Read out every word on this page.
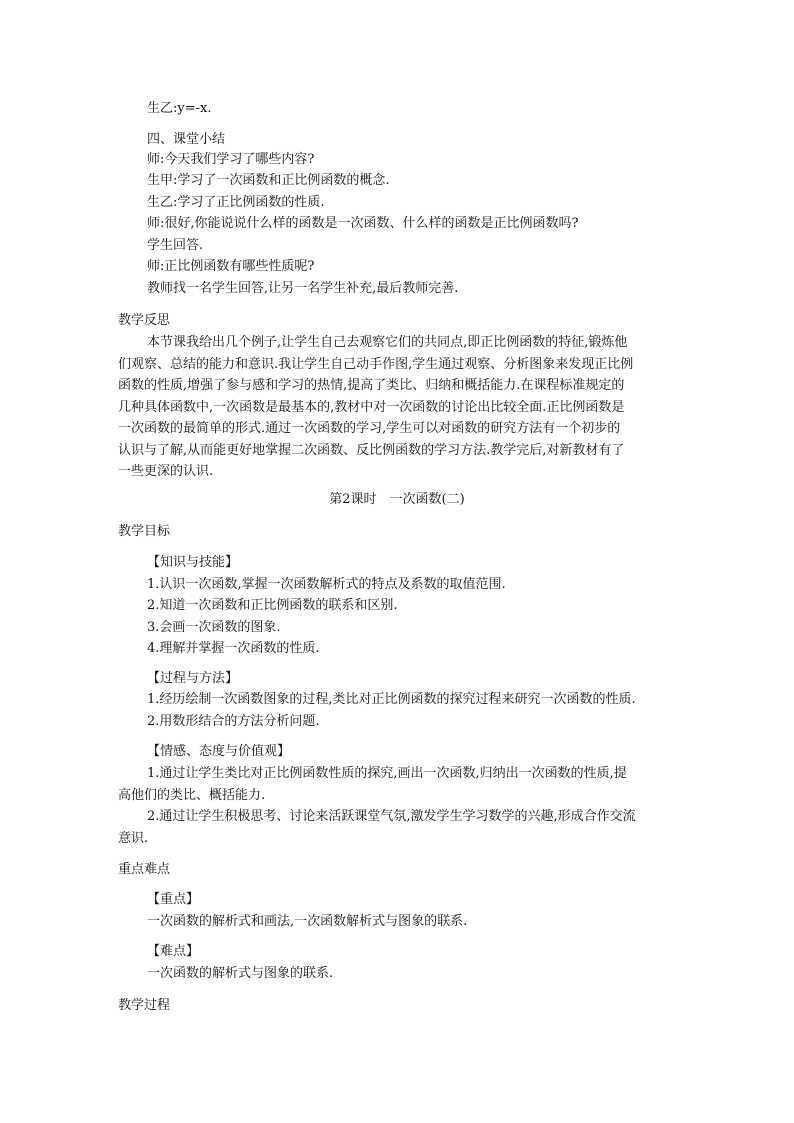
生乙:y=-x.
四、课堂小结
师:今天我们学习了哪些内容?
生甲:学习了一次函数和正比例函数的概念.
生乙:学习了正比例函数的性质.
师:很好,你能说说什么样的函数是一次函数、什么样的函数是正比例函数吗?
学生回答.
师:正比例函数有哪些性质呢?
教师找一名学生回答,让另一名学生补充,最后教师完善.
教学反思
本节课我给出几个例子,让学生自己去观察它们的共同点,即正比例函数的特征,锻炼他
们观察、总结的能力和意识.我让学生自己动手作图,学生通过观察、分析图象来发现正比例
函数的性质,增强了参与感和学习的热情,提高了类比、归纳和概括能力.在课程标准规定的
几种具体函数中,一次函数是最基本的,教材中对一次函数的讨论出比较全面.正比例函数是
一次函数的最简单的形式.通过一次函数的学习,学生可以对函数的研究方法有一个初步的
认识与了解,从而能更好地掌握二次函数、反比例函数的学习方法.教学完后,对新教材有了
一些更深的认识.
第2课时　一次函数(二)
教学目标
【知识与技能】
1.认识一次函数,掌握一次函数解析式的特点及系数的取值范围.
2.知道一次函数和正比例函数的联系和区别.
3.会画一次函数的图象.
4.理解并掌握一次函数的性质.
【过程与方法】
1.经历绘制一次函数图象的过程,类比对正比例函数的探究过程来研究一次函数的性质.
2.用数形结合的方法分析问题.
【情感、态度与价值观】
1.通过让学生类比对正比例函数性质的探究,画出一次函数,归纳出一次函数的性质,提
高他们的类比、概括能力.
2.通过让学生积极思考、讨论来活跃课堂气氛,激发学生学习数学的兴趣,形成合作交流
意识.
重点难点
【重点】
一次函数的解析式和画法,一次函数解析式与图象的联系.
【难点】
一次函数的解析式与图象的联系.
教学过程
